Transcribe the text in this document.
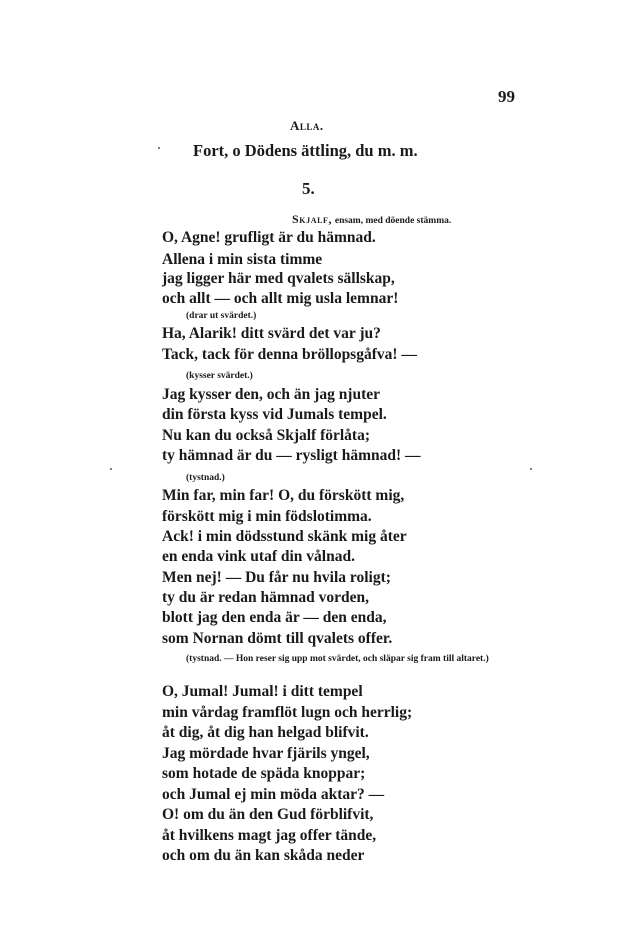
99
Alla.
Fort, o Dödens ättling, du m. m.
5.
Skjalf, ensam, med döende stämma.
O, Agne! grufligt är du hämnad.
Allena i min sista timme
jag ligger här med qvalets sällskap,
och allt — och allt mig usla lemnar!
(drar ut svärdet.)
Ha, Alarik! ditt svärd det var ju?
Tack, tack för denna bröllopsgåfva! —
(kysser svärdet.)
Jag kysser den, och än jag njuter
din första kyss vid Jumals tempel.
Nu kan du också Skjalf förlåta;
ty hämnad är du — rysligt hämnad! —
(tystnad.)
Min far, min far! O, du förskött mig,
förskött mig i min födslotimma.
Ack! i min dödsstund skänk mig åter
en enda vink utaf din vålnad.
Men nej! — Du får nu hvila roligt;
ty du är redan hämnad vorden,
blott jag den enda är — den enda,
som Nornan dömt till qvalets offer.
(tystnad. — Hon reser sig upp mot svärdet, och släpar sig fram till altaret.)
O, Jumal! Jumal! i ditt tempel
min vårdag framflöt lugn och herrlig;
åt dig, åt dig han helgad blifvit.
Jag mördade hvar fjärils yngel,
som hotade de späda knoppar;
och Jumal ej min möda aktar? —
O! om du än den Gud förblifvit,
åt hvilkens magt jag offer tände,
och om du än kan skåda neder
